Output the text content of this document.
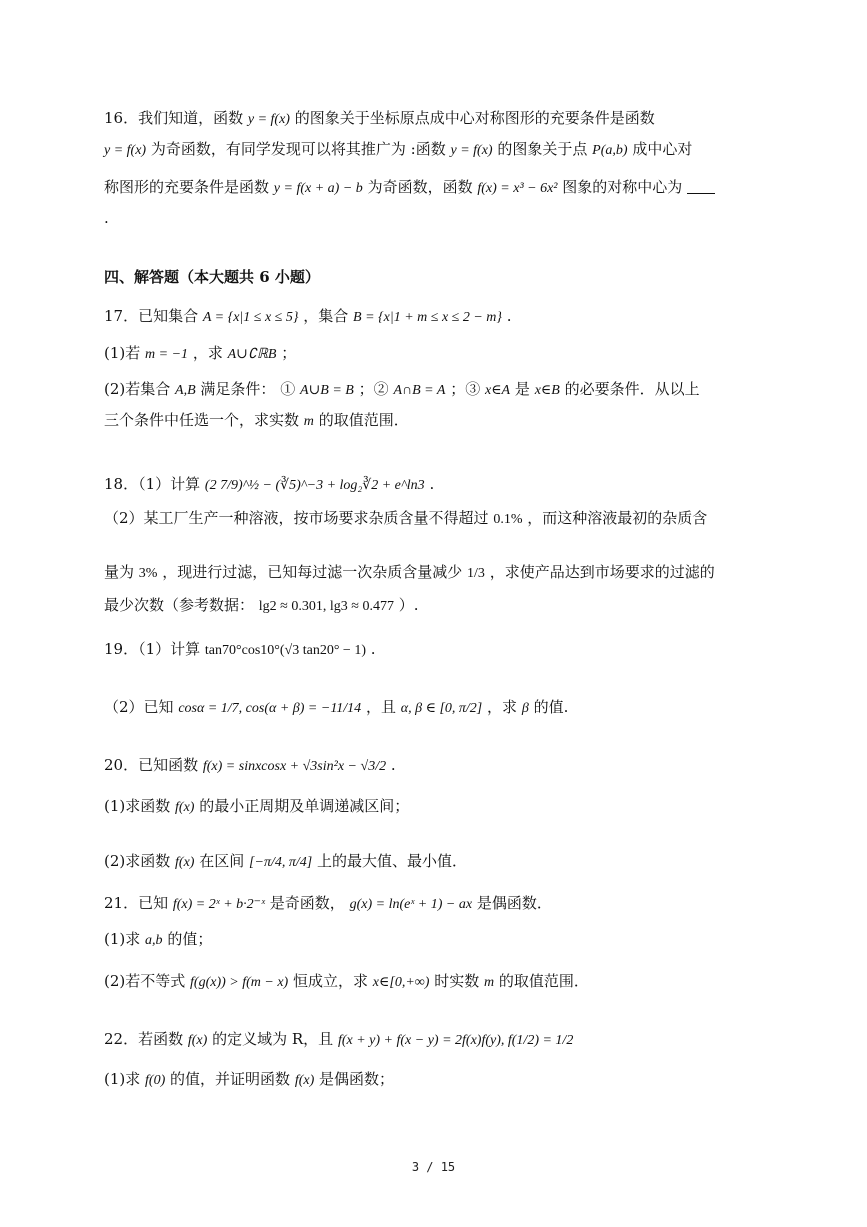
16．我们知道，函数 y = f(x) 的图象关于坐标原点成中心对称图形的充要条件是函数
y = f(x) 为奇函数，有同学发现可以将其推广为 :函数 y = f(x) 的图象关于点 P(a,b) 成中心对
称图形的充要条件是函数 y = f(x + a) − b 为奇函数，函数 f(x) = x³ − 6x² 图象的对称中心为
.
四、解答题（本大题共 6 小题）
17．已知集合 A = {x|1 ≤ x ≤ 5} ，集合 B = {x|1 + m ≤ x ≤ 2 − m} .
(1)若 m = −1 ，求 A∪∁ℝB ；
(2)若集合 A,B 满足条件： ① A∪B = B ；② A∩B = A ；③ x∈A 是 x∈B 的必要条件．从以上
三个条件中任选一个，求实数 m 的取值范围．
18．（1）计算 (2 7/9)^½ − (∛5)^−3 + log₂∛2 + e^ln3 .
（2）某工厂生产一种溶液，按市场要求杂质含量不得超过 0.1% ，而这种溶液最初的杂质含
量为 3% ，现进行过滤，已知每过滤一次杂质含量减少 1/3 ，求使产品达到市场要求的过滤的
最少次数（参考数据： lg2 ≈ 0.301, lg3 ≈ 0.477 ）.
19．（1）计算 tan70°cos10°(√3 tan20° − 1) .
（2）已知 cosα = 1/7, cos(α + β) = −11/14 ，且 α, β ∈ [0, π/2] ，求 β 的值.
20．已知函数 f(x) = sinxcosx + √3sin²x − √3/2 .
(1)求函数 f(x) 的最小正周期及单调递减区间；
(2)求函数 f(x) 在区间 [−π/4, π/4] 上的最大值、最小值．
21．已知 f(x) = 2ˣ + b·2⁻ˣ 是奇函数， g(x) = ln(eˣ + 1) − ax 是偶函数．
(1)求 a,b 的值；
(2)若不等式 f(g(x)) > f(m − x) 恒成立，求 x∈[0,+∞) 时实数 m 的取值范围．
22．若函数 f(x) 的定义域为 R，且 f(x + y) + f(x − y) = 2f(x)f(y), f(1/2) = 1/2
(1)求 f(0) 的值，并证明函数 f(x) 是偶函数；
3 / 15
